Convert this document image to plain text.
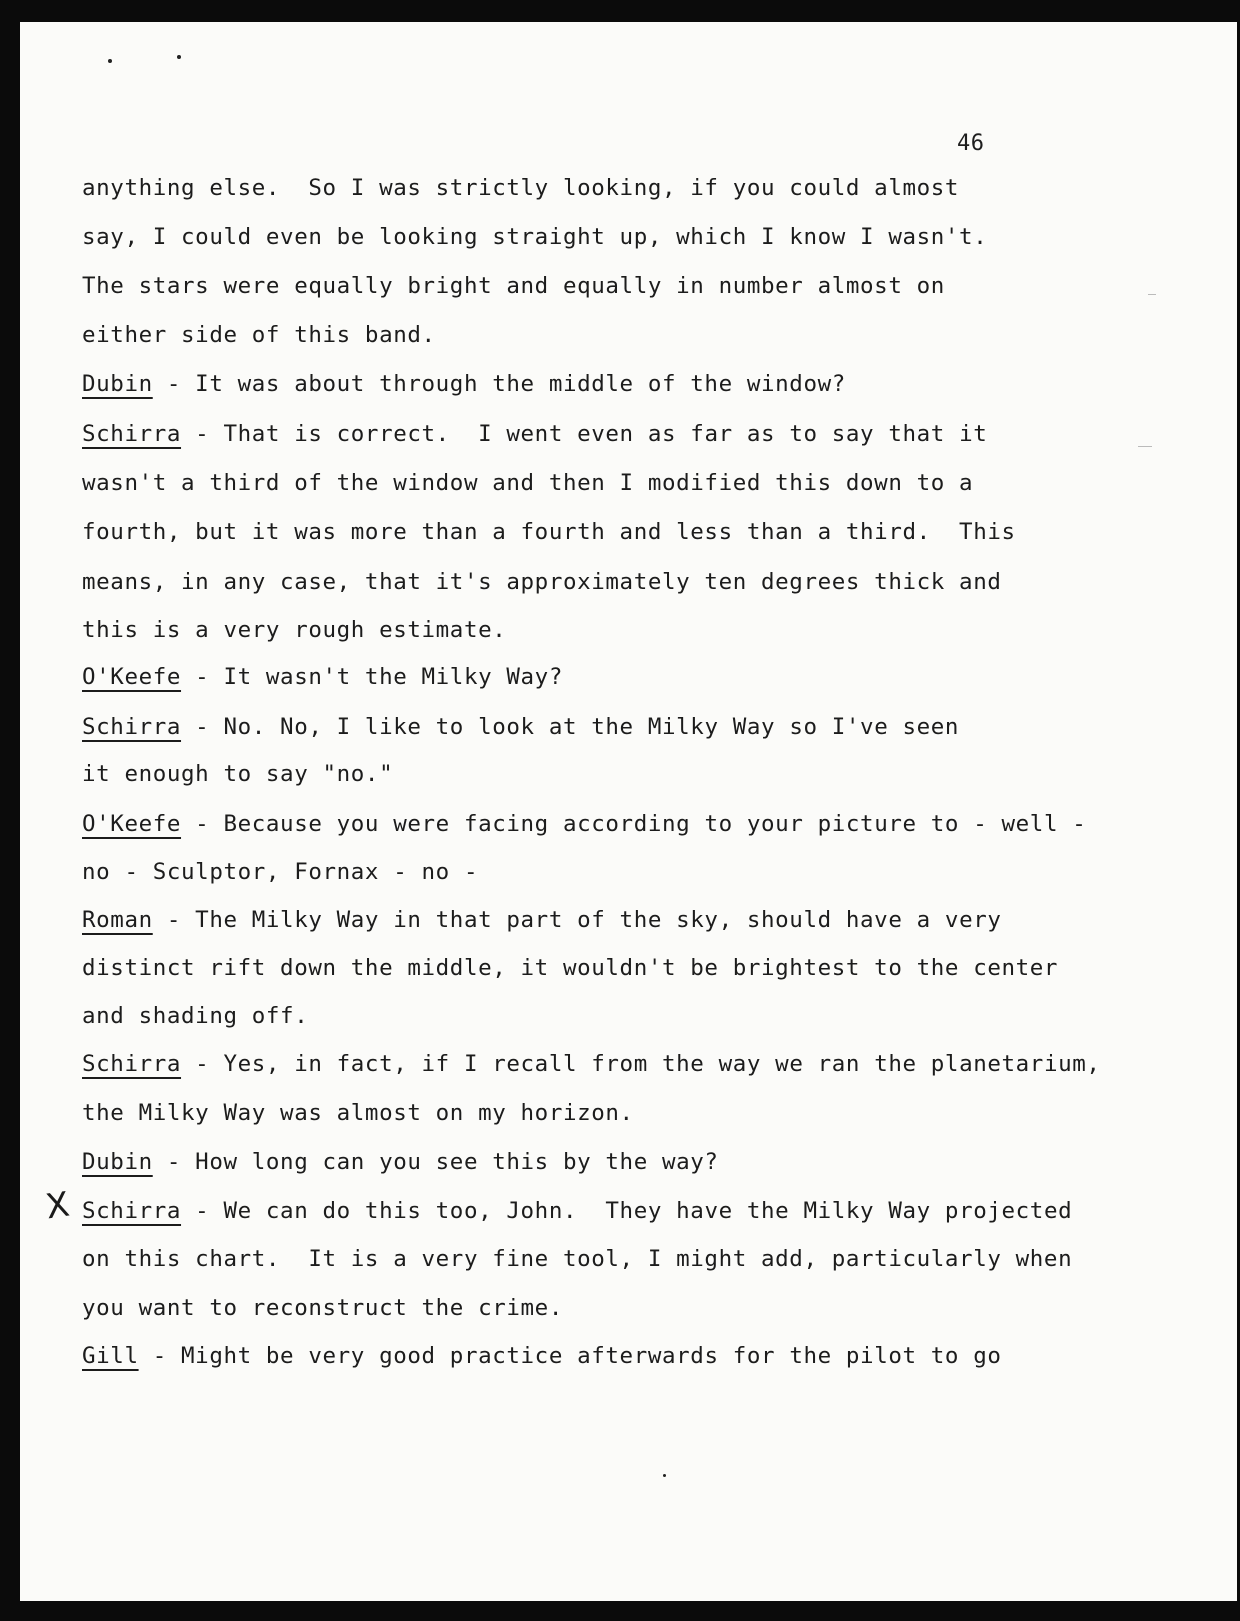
46
X
anything else.  So I was strictly looking, if you could almost
say, I could even be looking straight up, which I know I wasn't.
The stars were equally bright and equally in number almost on
either side of this band.
Dubin - It was about through the middle of the window?
Schirra - That is correct.  I went even as far as to say that it
wasn't a third of the window and then I modified this down to a
fourth, but it was more than a fourth and less than a third.  This
means, in any case, that it's approximately ten degrees thick and
this is a very rough estimate.
O'Keefe - It wasn't the Milky Way?
Schirra - No. No, I like to look at the Milky Way so I've seen
it enough to say "no."
O'Keefe - Because you were facing according to your picture to - well -
no - Sculptor, Fornax - no -
Roman - The Milky Way in that part of the sky, should have a very
distinct rift down the middle, it wouldn't be brightest to the center
and shading off.
Schirra - Yes, in fact, if I recall from the way we ran the planetarium,
the Milky Way was almost on my horizon.
Dubin - How long can you see this by the way?
Schirra - We can do this too, John.  They have the Milky Way projected
on this chart.  It is a very fine tool, I might add, particularly when
you want to reconstruct the crime.
Gill - Might be very good practice afterwards for the pilot to go
